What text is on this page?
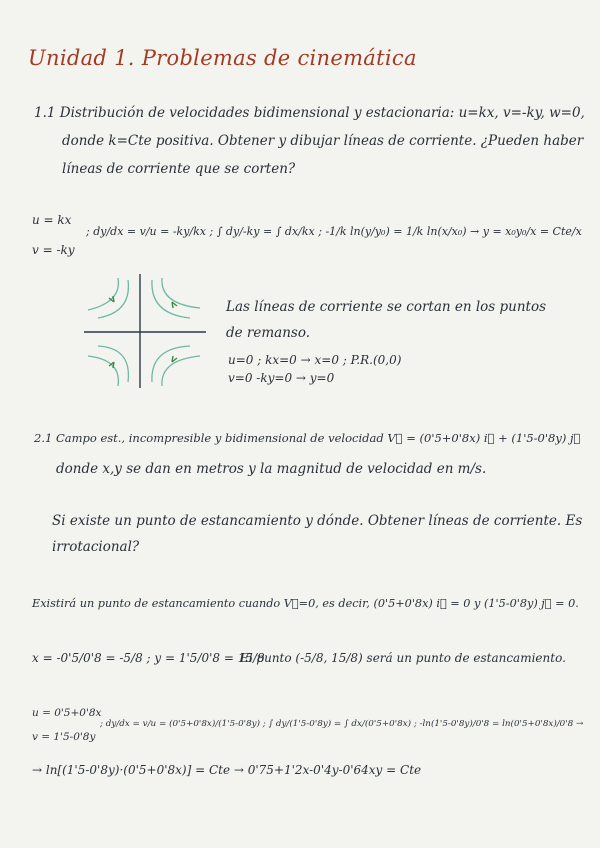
Unidad 1. Problemas de cinemática
1.1 Distribución de velocidades bidimensional y estacionaria: u=kx, v=-ky, w=0,
donde k=Cte positiva. Obtener y dibujar líneas de corriente. ¿Pueden haber
líneas de corriente que se corten?
u = kx
v = -ky
; dy/dx = v/u = -ky/kx ; ∫ dy/-ky = ∫ dx/kx ; -1/k ln(y/y₀) = 1/k ln(x/x₀) → y = x₀y₀/x = Cte/x
Las líneas de corriente se cortan en los puntos
de remanso.
u=0 ; kx=0 → x=0 ; P.R.(0,0)
v=0 -ky=0 → y=0
2.1 Campo est., incompresible y bidimensional de velocidad V⃗ = (0'5+0'8x) i⃗ + (1'5-0'8y) j⃗
donde x,y se dan en metros y la magnitud de velocidad en m/s.
Si existe un punto de estancamiento y dónde. Obtener líneas de corriente. Es
irrotacional?
Existirá un punto de estancamiento cuando V⃗=0, es decir, (0'5+0'8x) i⃗ = 0 y (1'5-0'8y) j⃗ = 0.
x = -0'5/0'8 = -5/8 ; y = 1'5/0'8 = 15/8
El punto (-5/8, 15/8) será un punto de estancamiento.
u = 0'5+0'8x
v = 1'5-0'8y
; dy/dx = v/u = (0'5+0'8x)/(1'5-0'8y) ; ∫ dy/(1'5-0'8y) = ∫ dx/(0'5+0'8x) ; -ln(1'5-0'8y)/0'8 = ln(0'5+0'8x)/0'8 →
→ ln[(1'5-0'8y)·(0'5+0'8x)] = Cte → 0'75+1'2x-0'4y-0'64xy = Cte
